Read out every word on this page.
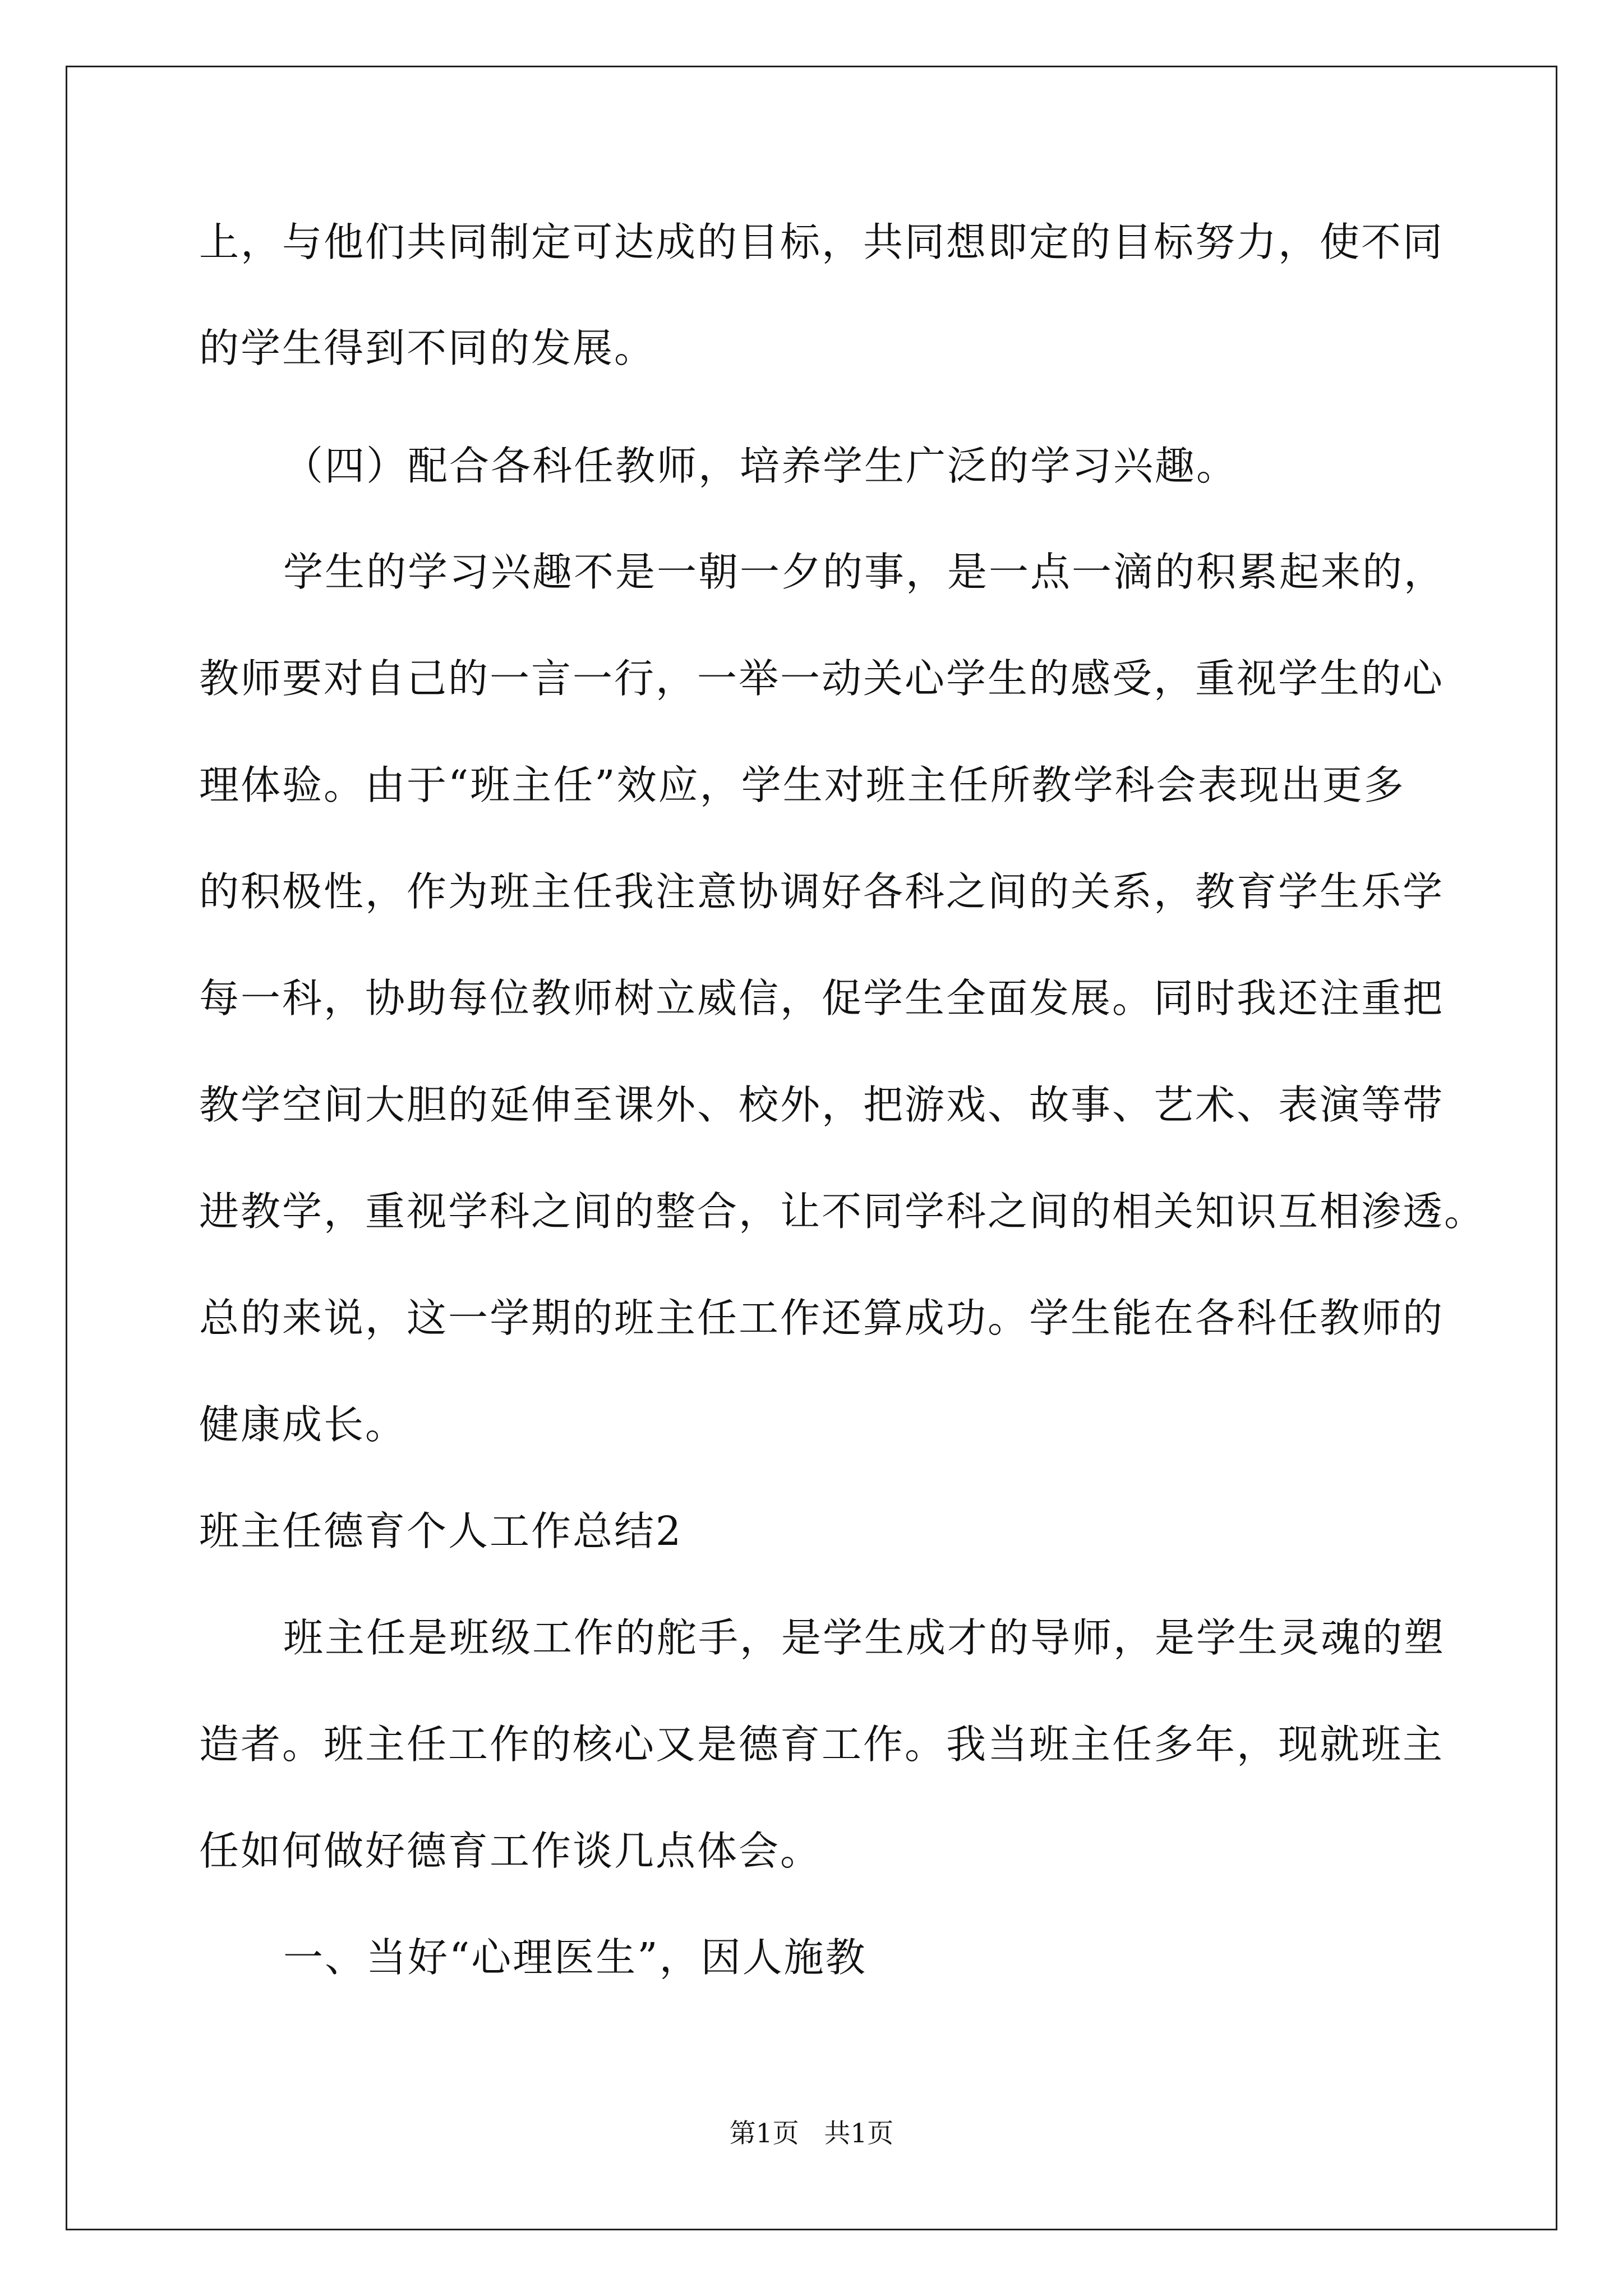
上，与他们共同制定可达成的目标，共同想即定的目标努力，使不同
的学生得到不同的发展。
（四）配合各科任教师，培养学生广泛的学习兴趣。
学生的学习兴趣不是一朝一夕的事，是一点一滴的积累起来的，
教师要对自己的一言一行，一举一动关心学生的感受，重视学生的心
理体验。由于“班主任”效应，学生对班主任所教学科会表现出更多
的积极性，作为班主任我注意协调好各科之间的关系，教育学生乐学
每一科，协助每位教师树立威信，促学生全面发展。同时我还注重把
教学空间大胆的延伸至课外、校外，把游戏、故事、艺术、表演等带
进教学，重视学科之间的整合，让不同学科之间的相关知识互相渗透。
总的来说，这一学期的班主任工作还算成功。学生能在各科任教师的
健康成长。
班主任德育个人工作总结2
班主任是班级工作的舵手，是学生成才的导师，是学生灵魂的塑
造者。班主任工作的核心又是德育工作。我当班主任多年，现就班主
任如何做好德育工作谈几点体会。
一、当好“心理医生”，因人施教
第1页   共1页
